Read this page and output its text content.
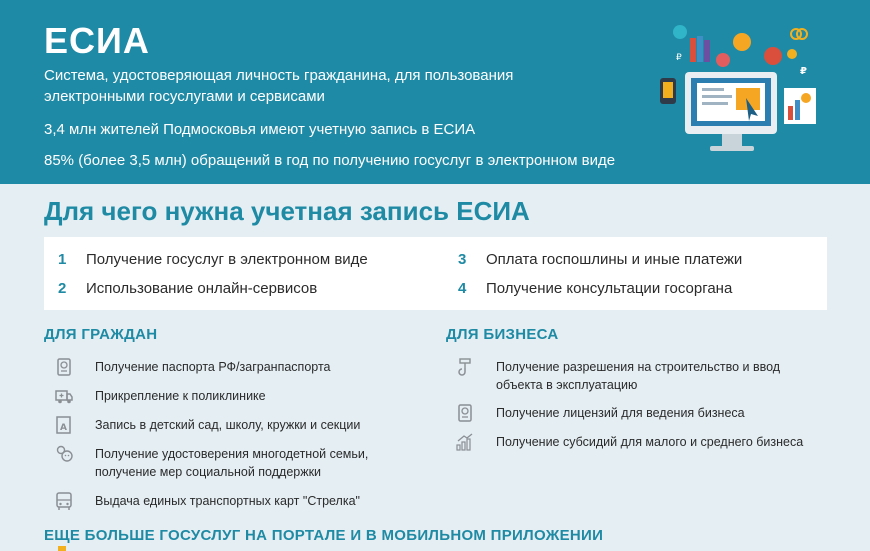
ЕСИА
Система, удостоверяющая личность гражданина, для пользования электронными госуслугами и сервисами
3,4 млн жителей Подмосковья имеют учетную запись в ЕСИА
85% (более 3,5 млн) обращений в год по получению госуслуг в электронном виде
₽
₽
Для чего нужна учетная запись ЕСИА
1 Получение госуслуг в электронном виде
2 Использование онлайн-сервисов
3 Оплата госпошлины и иные платежи
4 Получение консультации госоргана
ДЛЯ ГРАЖДАН	ДЛЯ БИЗНЕСА
Получение паспорта РФ/загранпаспорта
Прикрепление к поликлинике
A Запись в детский сад, школу, кружки и секции
Получение удостоверения многодетной семьи, получение мер социальной поддержки
Выдача единых транспортных карт "Стрелка"
Получение разрешения на строительство и ввод объекта в эксплуатацию
Получение лицензий для ведения бизнеса
Получение субсидий для малого и среднего бизнеса
ЕЩЕ БОЛЬШЕ ГОСУСЛУГ НА ПОРТАЛЕ И В МОБИЛЬНОМ ПРИЛОЖЕНИИ
